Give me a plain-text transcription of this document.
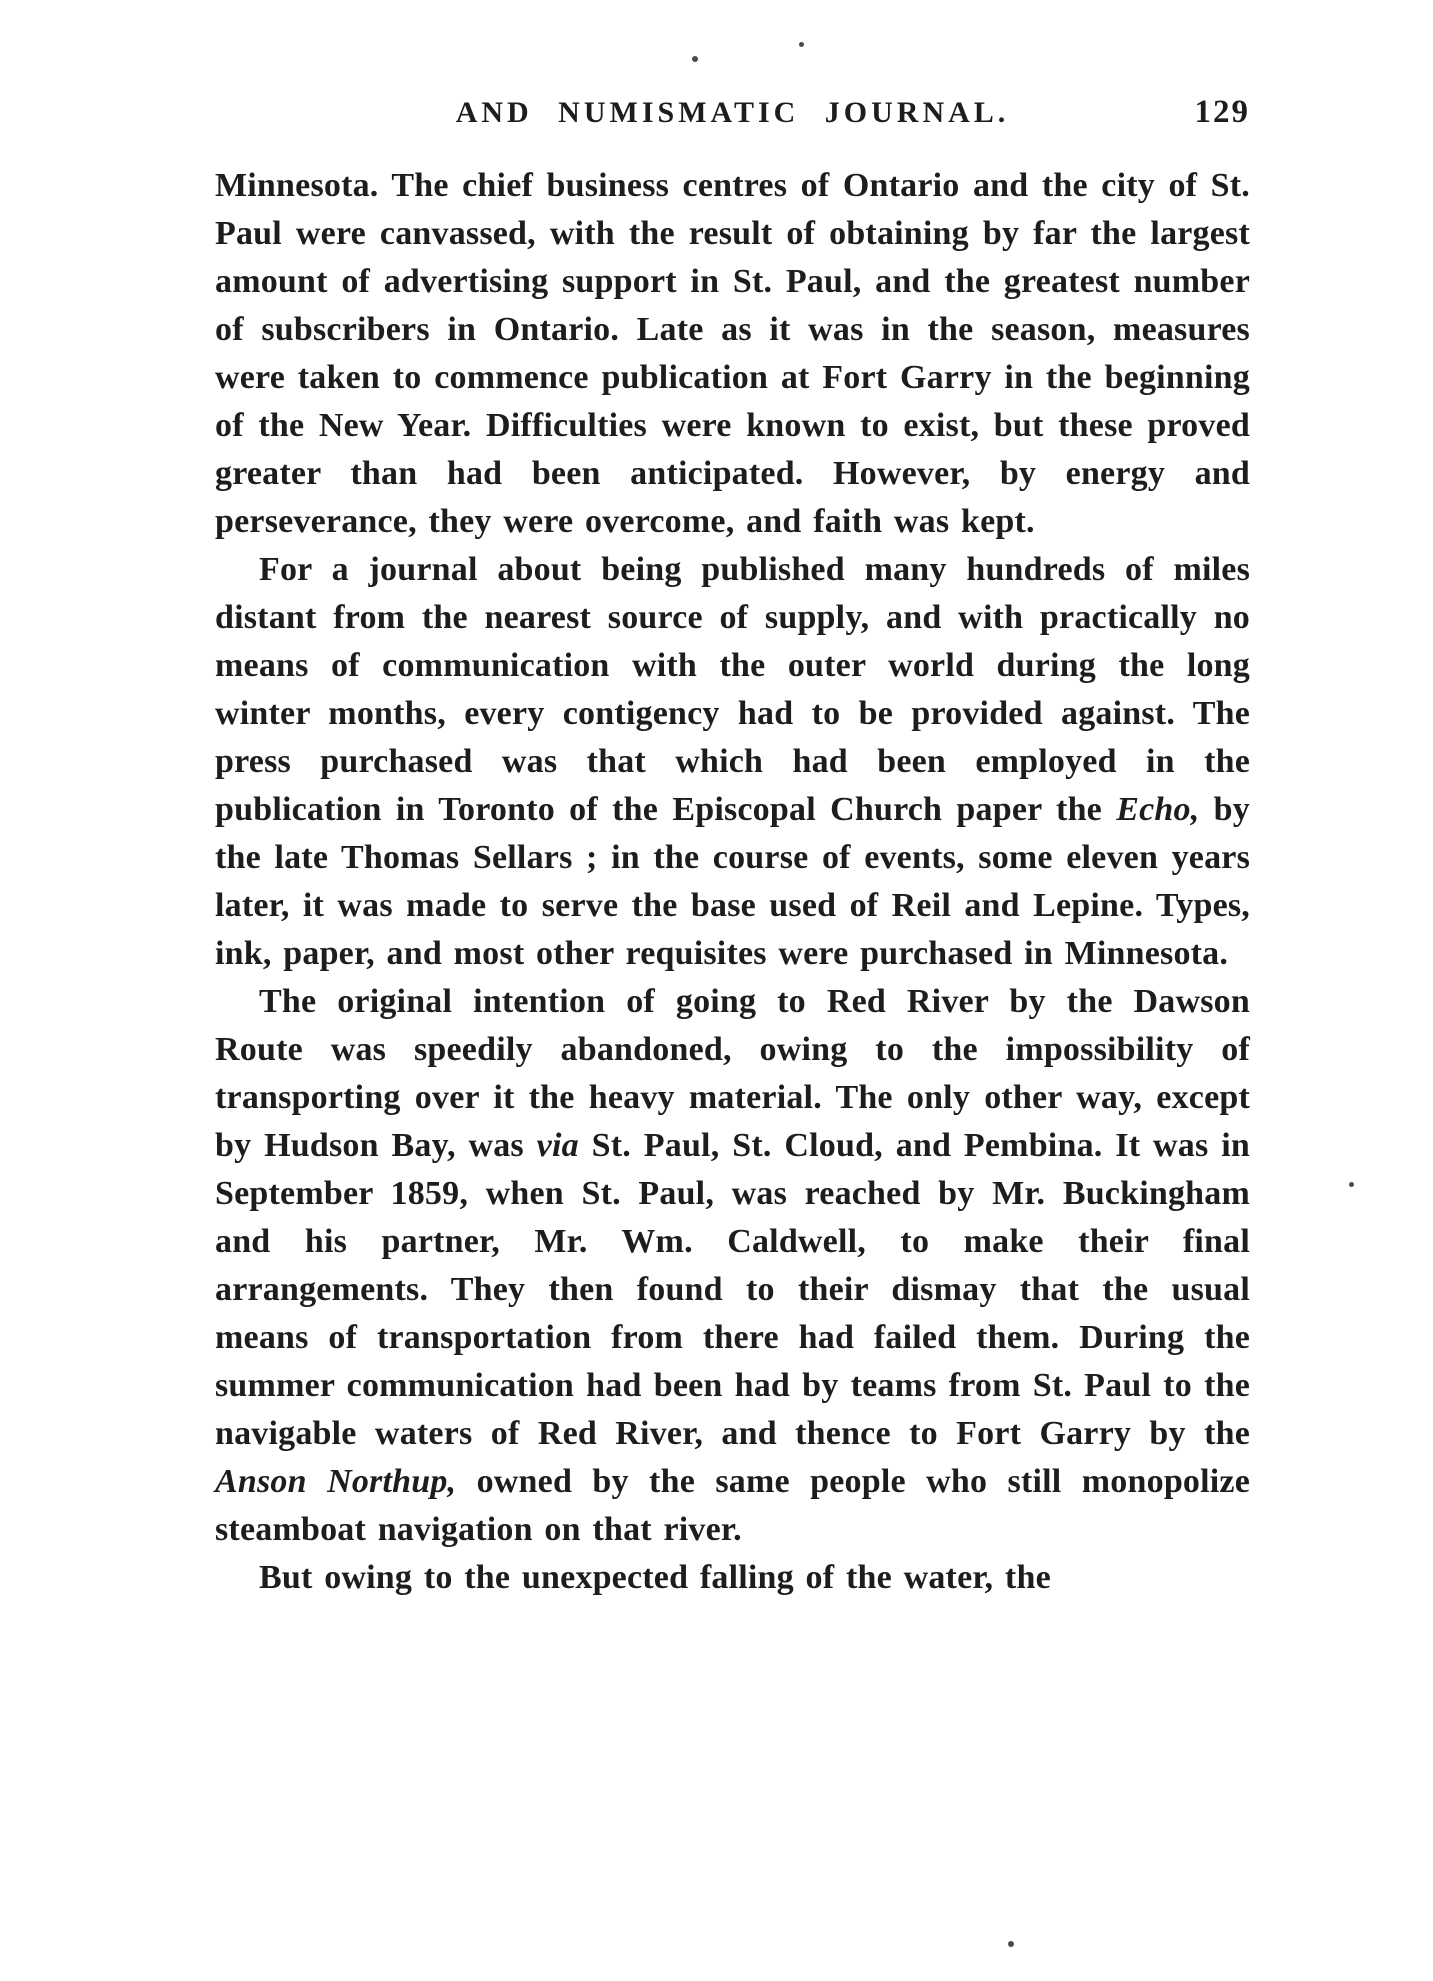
AND NUMISMATIC JOURNAL.	129

Minnesota. The chief business centres of Ontario and the city of St. Paul were canvassed, with the result of obtaining by far the largest amount of advertising support in St. Paul, and the greatest number of subscribers in Ontario. Late as it was in the season, measures were taken to commence publication at Fort Garry in the beginning of the New Year. Difficulties were known to exist, but these proved greater than had been anticipated. However, by energy and perseverance, they were overcome, and faith was kept.

For a journal about being published many hundreds of miles distant from the nearest source of supply, and with practically no means of communication with the outer world during the long winter months, every contigency had to be provided against. The press purchased was that which had been employed in the publication in Toronto of the Episcopal Church paper the Echo, by the late Thomas Sellars ; in the course of events, some eleven years later, it was made to serve the base used of Reil and Lepine. Types, ink, paper, and most other requisites were purchased in Minnesota.

The original intention of going to Red River by the Dawson Route was speedily abandoned, owing to the impossibility of transporting over it the heavy material. The only other way, except by Hudson Bay, was via St. Paul, St. Cloud, and Pembina. It was in September 1859, when St. Paul, was reached by Mr. Buckingham and his partner, Mr. Wm. Caldwell, to make their final arrangements. They then found to their dismay that the usual means of transportation from there had failed them. During the summer communication had been had by teams from St. Paul to the navigable waters of Red River, and thence to Fort Garry by the Anson Northup, owned by the same people who still monopolize steamboat navigation on that river.

But owing to the unexpected falling of the water, the
